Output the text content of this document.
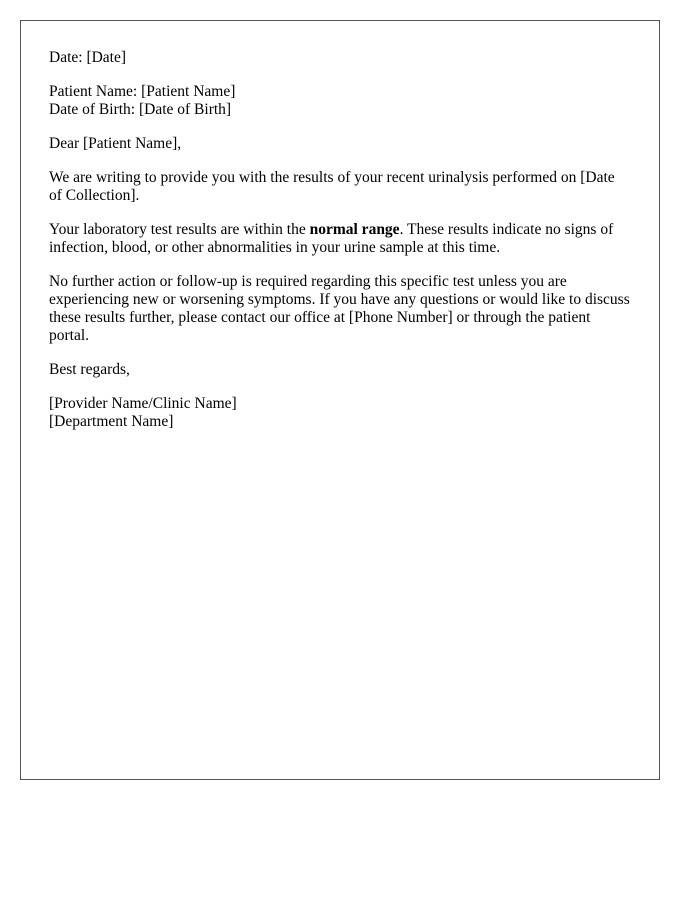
Date: [Date]

Patient Name: [Patient Name]
Date of Birth: [Date of Birth]

Dear [Patient Name],

We are writing to provide you with the results of your recent urinalysis performed on [Date of Collection].

Your laboratory test results are within the normal range. These results indicate no signs of infection, blood, or other abnormalities in your urine sample at this time.

No further action or follow-up is required regarding this specific test unless you are experiencing new or worsening symptoms. If you have any questions or would like to discuss these results further, please contact our office at [Phone Number] or through the patient portal.

Best regards,

[Provider Name/Clinic Name]
[Department Name]
